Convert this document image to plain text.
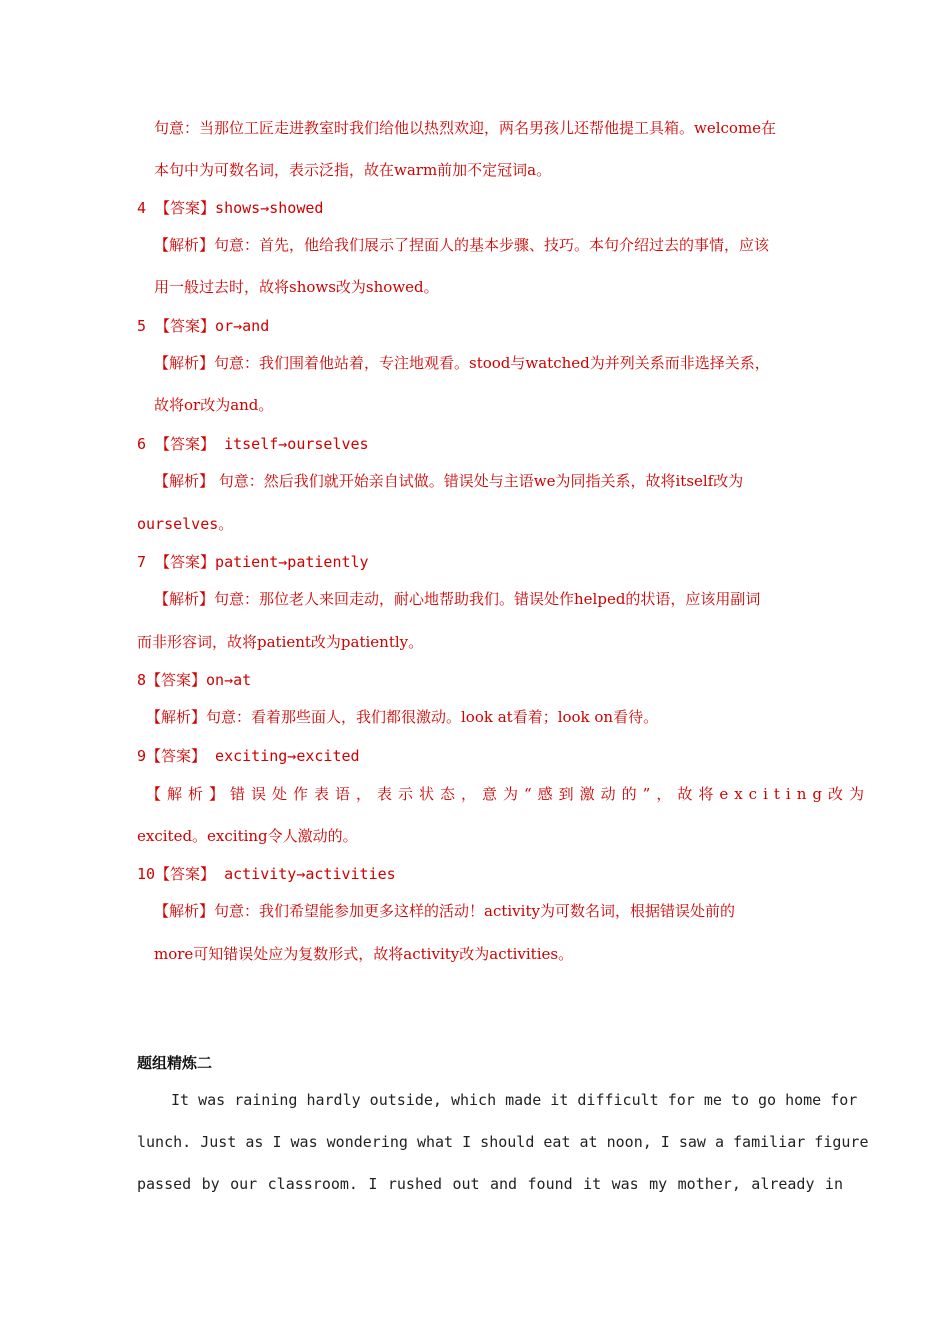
句意：当那位工匠走进教室时我们给他以热烈欢迎，两名男孩儿还帮他提工具箱。welcome在
本句中为可数名词，表示泛指，故在warm前加不定冠词a。
4 【答案】shows→showed
【解析】句意：首先，他给我们展示了捏面人的基本步骤、技巧。本句介绍过去的事情，应该
用一般过去时，故将shows改为showed。
5 【答案】or→and
【解析】句意：我们围着他站着，专注地观看。stood与watched为并列关系而非选择关系，
故将or改为and。
6 【答案】 itself→ourselves
【解析】 句意：然后我们就开始亲自试做。错误处与主语we为同指关系，故将itself改为
ourselves。
7 【答案】patient→patiently
【解析】句意：那位老人来回走动，耐心地帮助我们。错误处作helped的状语，应该用副词
而非形容词，故将patient改为patiently。
8【答案】on→at
【解析】句意：看着那些面人，我们都很激动。look at看着；look on看待。
9【答案】 exciting→excited
【解析】错误处作表语，表示状态，意为“感到激动的”，故将exciting改为
excited。exciting令人激动的。
10【答案】 activity→activities
【解析】句意：我们希望能参加更多这样的活动！activity为可数名词，根据错误处前的
more可知错误处应为复数形式，故将activity改为activities。
题组精炼二
It was raining hardly outside, which made it difficult for me to go home for
lunch. Just as I was wondering what I should eat at noon, I saw a familiar figure
passed by our classroom. I rushed out and found it was my mother, already in
